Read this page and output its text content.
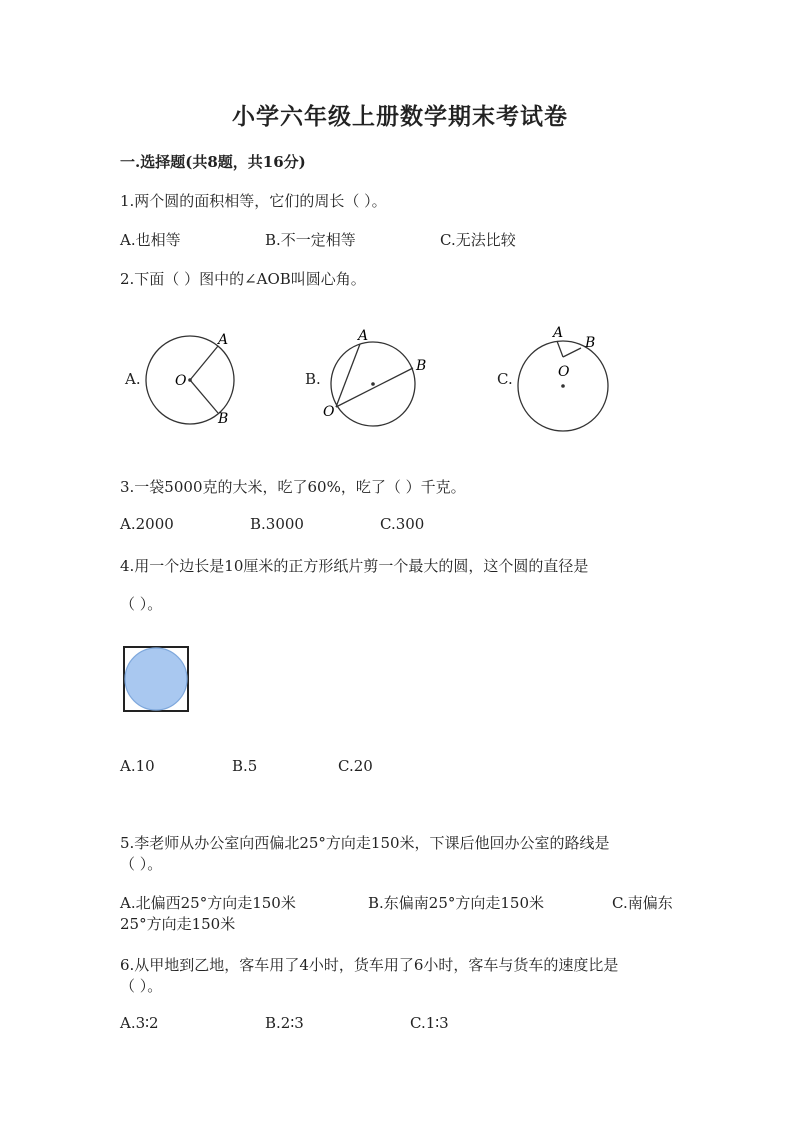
小学六年级上册数学期末考试卷
一.选择题(共8题，共16分)
1.两个圆的面积相等，它们的周长（ ）。
A.也相等	B.不一定相等	C.无法比较
2.下面（ ）图中的∠AOB叫圆心角。
A.	B.	C.
O
A
B	O
A
B	O
A
B
3.一袋5000克的大米，吃了60%，吃了（ ）千克。
A.2000	B.3000	C.300
4.用一个边长是10厘米的正方形纸片剪一个最大的圆，这个圆的直径是
（ ）。
A.10	B.5	C.20
5.李老师从办公室向西偏北25°方向走150米，下课后他回办公室的路线是
（ ）。
A.北偏西25°方向走150米	B.东偏南25°方向走150米	C.南偏东
25°方向走150米
6.从甲地到乙地，客车用了4小时，货车用了6小时，客车与货车的速度比是
（ ）。
A.3∶2	B.2∶3	C.1∶3
